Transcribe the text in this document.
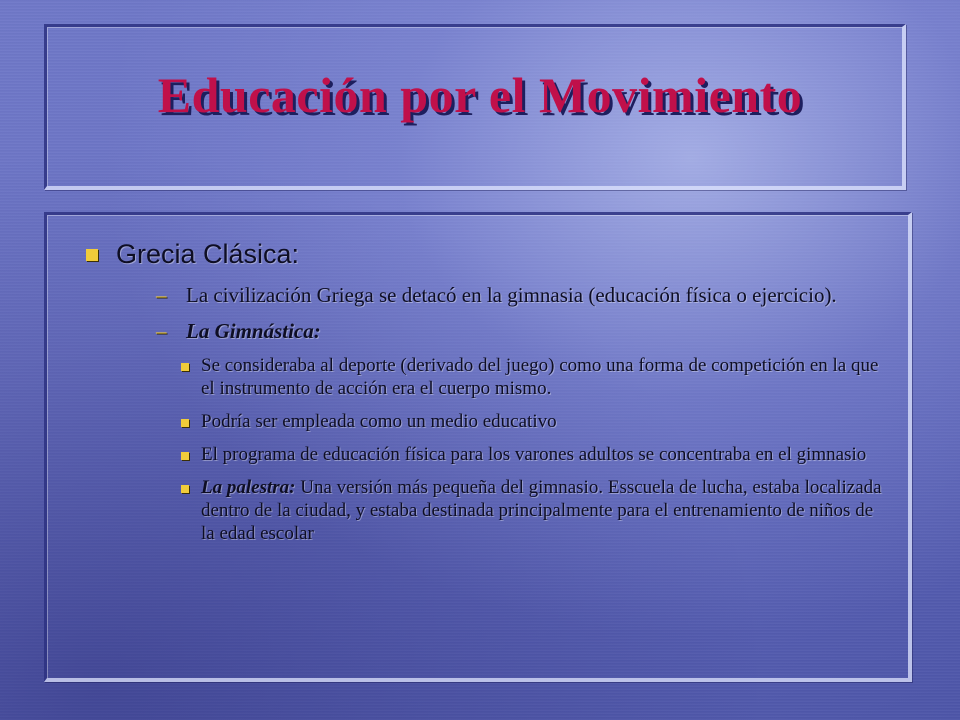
Educación por el Movimiento
Grecia Clásica:
– La civilización Griega se detacó en la gimnasia (educación física o ejercicio).
– La Gimnástica:
Se consideraba al deporte (derivado del juego) como una forma de competición en la que el instrumento de acción era el cuerpo mismo.
Podría ser empleada como un medio educativo
El programa de educación física para los varones adultos se concentraba en el gimnasio
La palestra: Una versión más pequeña del gimnasio. Esscuela de lucha, estaba localizada dentro de la ciudad, y estaba destinada principalmente para el entrenamiento de niños de la edad escolar
